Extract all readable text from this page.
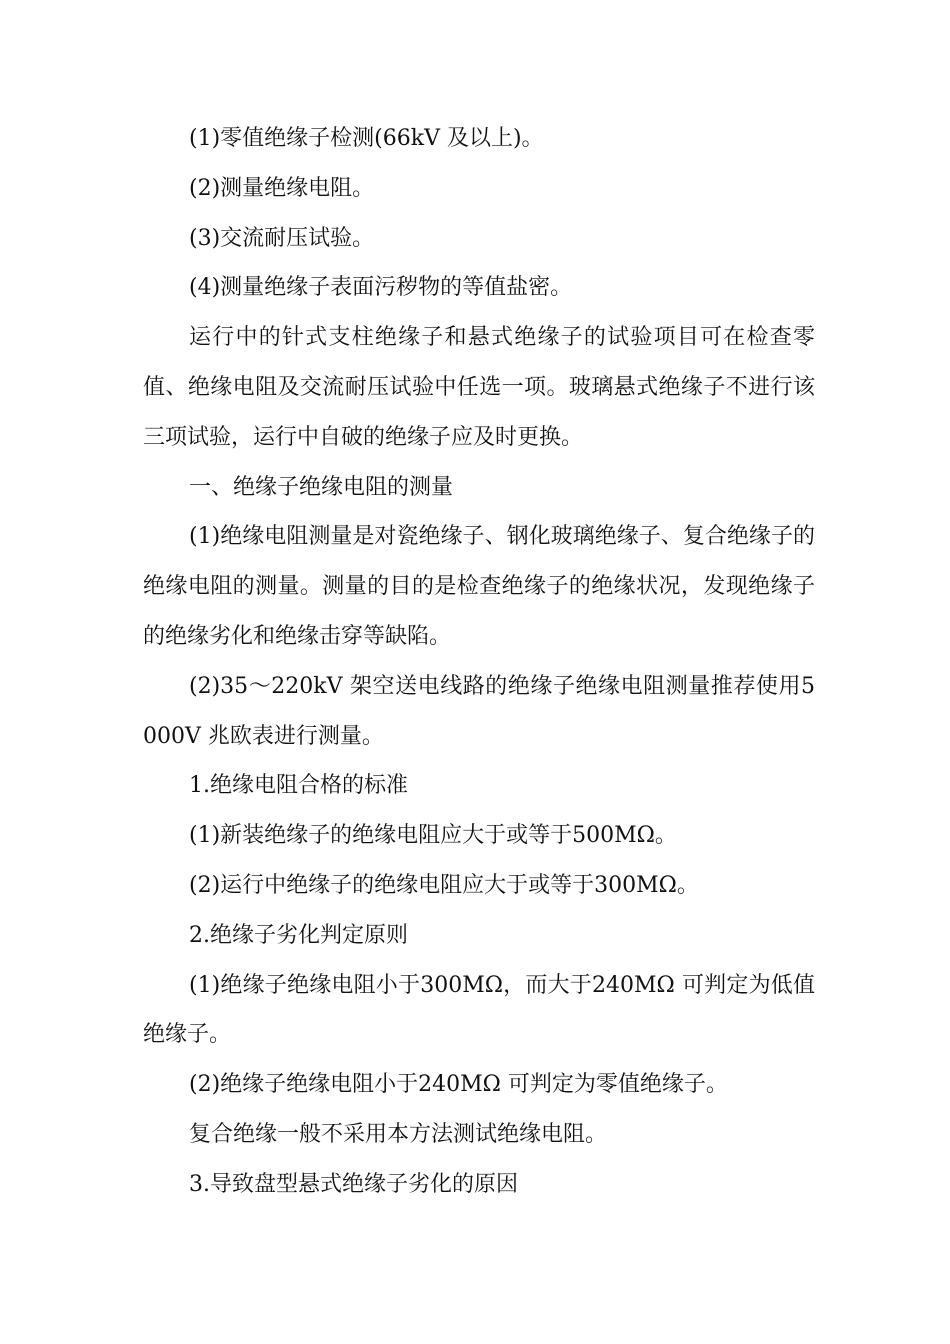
(1)零值绝缘子检测(66kV 及以上)。

(2)测量绝缘电阻。

(3)交流耐压试验。

(4)测量绝缘子表面污秽物的等值盐密。

运行中的针式支柱绝缘子和悬式绝缘子的试验项目可在检查零值、绝缘电阻及交流耐压试验中任选一项。玻璃悬式绝缘子不进行该三项试验，运行中自破的绝缘子应及时更换。

一、绝缘子绝缘电阻的测量

(1)绝缘电阻测量是对瓷绝缘子、钢化玻璃绝缘子、复合绝缘子的绝缘电阻的测量。测量的目的是检查绝缘子的绝缘状况，发现绝缘子的绝缘劣化和绝缘击穿等缺陷。

(2)35～220kV 架空送电线路的绝缘子绝缘电阻测量推荐使用5000V 兆欧表进行测量。

1.绝缘电阻合格的标准

(1)新装绝缘子的绝缘电阻应大于或等于500MΩ。

(2)运行中绝缘子的绝缘电阻应大于或等于300MΩ。

2.绝缘子劣化判定原则

(1)绝缘子绝缘电阻小于300MΩ，而大于240MΩ 可判定为低值绝缘子。

(2)绝缘子绝缘电阻小于240MΩ 可判定为零值绝缘子。

复合绝缘一般不采用本方法测试绝缘电阻。

3.导致盘型悬式绝缘子劣化的原因
